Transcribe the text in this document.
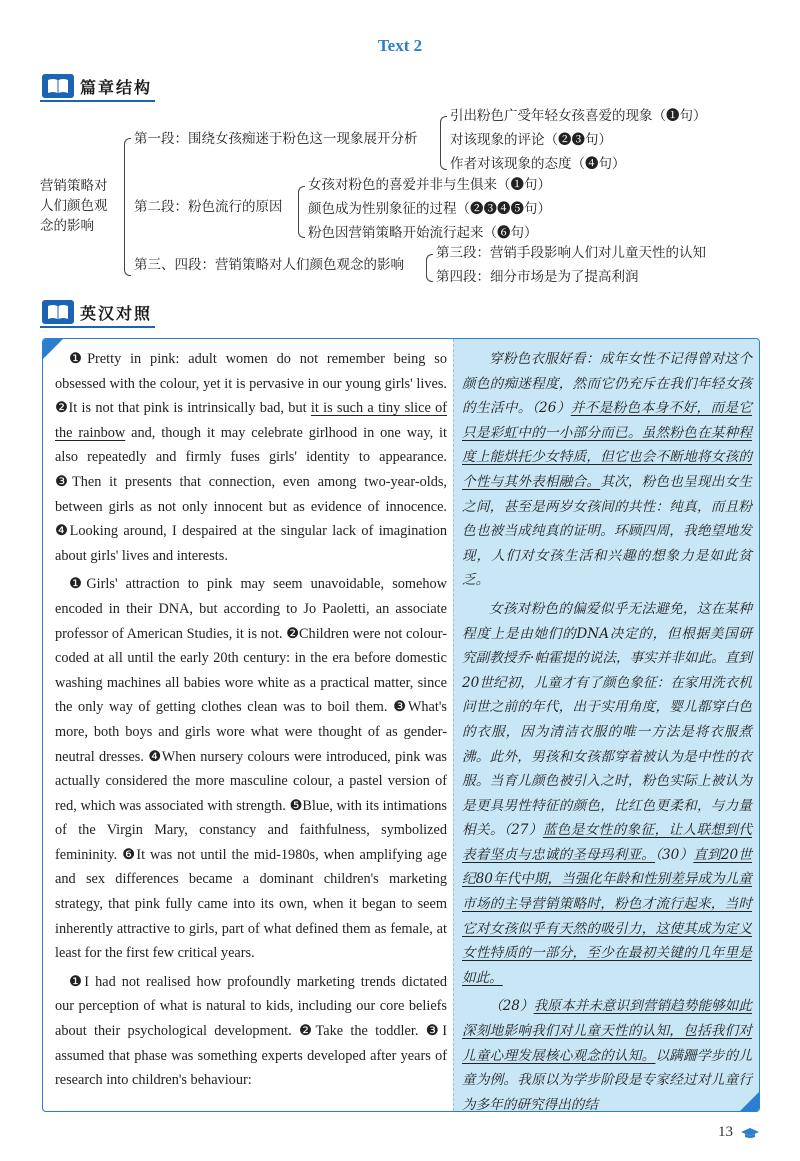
Text 2
篇章结构
营销策略对人们颜色观念的影响
第一段：围绕女孩痴迷于粉色这一现象展开分析
引出粉色广受年轻女孩喜爱的现象（❶句）
对该现象的评论（❷❸句）
作者对该现象的态度（❹句）
第二段：粉色流行的原因
女孩对粉色的喜爱并非与生俱来（❶句）
颜色成为性别象征的过程（❷❸❹❺句）
粉色因营销策略开始流行起来（❻句）
第三、四段：营销策略对人们颜色观念的影响
第三段：营销手段影响人们对儿童天性的认知
第四段：细分市场是为了提高利润
英汉对照

❶Pretty in pink: adult women do not remember being so obsessed with the colour, yet it is pervasive in our young girls' lives. ❷It is not that pink is intrinsically bad, but it is such a tiny slice of the rainbow and, though it may celebrate girlhood in one way, it also repeatedly and firmly fuses girls' identity to appearance. ❸Then it presents that connection, even among two-year-olds, between girls as not only innocent but as evidence of innocence. ❹Looking around, I despaired at the singular lack of imagination about girls' lives and interests.

❶Girls' attraction to pink may seem unavoidable, somehow encoded in their DNA, but according to Jo Paoletti, an associate professor of American Studies, it is not. ❷Children were not colour-coded at all until the early 20th century: in the era before domestic washing machines all babies wore white as a practical matter, since the only way of getting clothes clean was to boil them. ❸What's more, both boys and girls wore what were thought of as gender-neutral dresses. ❹When nursery colours were introduced, pink was actually considered the more masculine colour, a pastel version of red, which was associated with strength. ❺Blue, with its intimations of the Virgin Mary, constancy and faithfulness, symbolized femininity. ❻It was not until the mid-1980s, when amplifying age and sex differences became a dominant children's marketing strategy, that pink fully came into its own, when it began to seem inherently attractive to girls, part of what defined them as female, at least for the first few critical years.

❶I had not realised how profoundly marketing trends dictated our perception of what is natural to kids, including our core beliefs about their psychological development. ❷Take the toddler. ❸I assumed that phase was something experts developed after years of research into children's behaviour:

穿粉色衣服好看：成年女性不记得曾对这个颜色的痴迷程度，然而它仍充斥在我们年轻女孩的生活中。（26）并不是粉色本身不好，而是它只是彩虹中的一小部分而已。虽然粉色在某种程度上能烘托少女特质，但它也会不断地将女孩的个性与其外表相融合。其次，粉色也呈现出女生之间，甚至是两岁女孩间的共性：纯真，而且粉色也被当成纯真的证明。环顾四周，我绝望地发现，人们对女孩生活和兴趣的想象力是如此贫乏。

女孩对粉色的偏爱似乎无法避免，这在某种程度上是由她们的DNA决定的，但根据美国研究副教授乔·帕霍提的说法，事实并非如此。直到20世纪初，儿童才有了颜色象征：在家用洗衣机问世之前的年代，出于实用角度，婴儿都穿白色的衣服，因为清洁衣服的唯一方法是将衣服煮沸。此外，男孩和女孩都穿着被认为是中性的衣服。当育儿颜色被引入之时，粉色实际上被认为是更具男性特征的颜色，比红色更柔和，与力量相关。（27）蓝色是女性的象征，让人联想到代表着坚贞与忠诚的圣母玛利亚。（30）直到20世纪80年代中期，当强化年龄和性别差异成为儿童市场的主导营销策略时，粉色才流行起来，当时它对女孩似乎有天然的吸引力，这使其成为定义女性特质的一部分，至少在最初关键的几年里是如此。

（28）我原本并未意识到营销趋势能够如此深刻地影响我们对儿童天性的认知，包括我们对儿童心理发展核心观念的认知。以蹒跚学步的儿童为例。我原以为学步阶段是专家经过对儿童行为多年的研究得出的结

13
